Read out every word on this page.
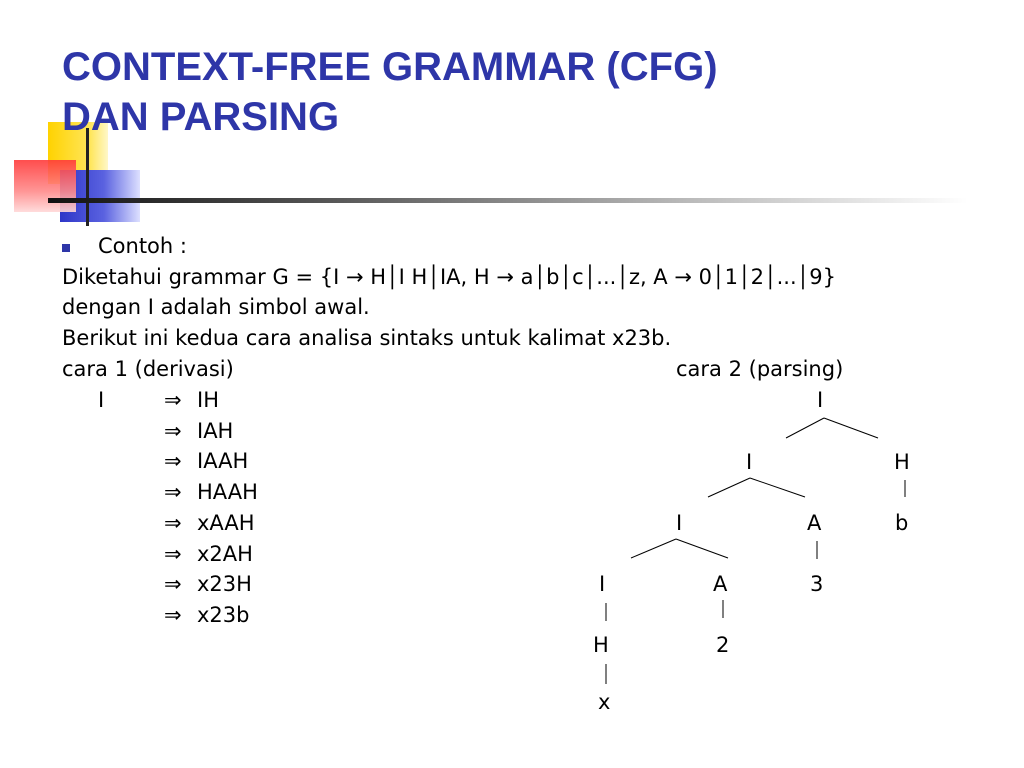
CONTEXT-FREE GRAMMAR (CFG)
DAN PARSING
Contoh :
Diketahui grammar G = {I → H│I H│IA, H → a│b│c│...│z, A → 0│1│2│...│9}
dengan I adalah simbol awal.
Berikut ini kedua cara analisa sintaks untuk kalimat x23b.
cara 1 (derivasi)	cara 2 (parsing)
I	⇒ IH
⇒ IAH
⇒ IAAH
⇒ HAAH
⇒ xAAH
⇒ x2AH
⇒ x23H
⇒ x23b
I
I	H
I	A	b
I	A	3
H	2
x
